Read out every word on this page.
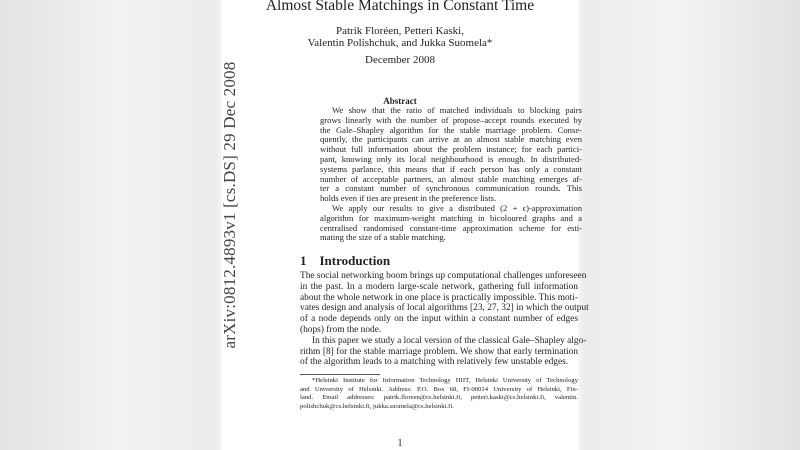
arXiv:0812.4893v1 [cs.DS] 29 Dec 2008
Almost Stable Matchings in Constant Time
Patrik Floréen, Petteri Kaski,
Valentin Polishchuk, and Jukka Suomela*
December 2008
Abstract
We show that the ratio of matched individuals to blocking pairs
grows linearly with the number of propose–accept rounds executed by
the Gale–Shapley algorithm for the stable marriage problem. Conse-
quently, the participants can arrive at an almost stable matching even
without full information about the problem instance; for each partici-
pant, knowing only its local neighbourhood is enough. In distributed-
systems parlance, this means that if each person has only a constant
number of acceptable partners, an almost stable matching emerges af-
ter a constant number of synchronous communication rounds. This
holds even if ties are present in the preference lists.
We apply our results to give a distributed (2 + ϵ)-approximation
algorithm for maximum-weight matching in bicoloured graphs and a
centralised randomised constant-time approximation scheme for esti-
mating the size of a stable matching.
1    Introduction
The social networking boom brings up computational challenges unforeseen
in the past. In a modern large-scale network, gathering full information
about the whole network in one place is practically impossible. This moti-
vates design and analysis of local algorithms [23, 27, 32] in which the output
of a node depends only on the input within a constant number of edges
(hops) from the node.
In this paper we study a local version of the classical Gale–Shapley algo-
rithm [8] for the stable marriage problem. We show that early termination
of the algorithm leads to a matching with relatively few unstable edges.
*Helsinki Institute for Information Technology HIIT, Helsinki University of Technology
and University of Helsinki. Address: P.O. Box 68, FI-00014 University of Helsinki, Fin-
land. Email addresses: patrik.floreen@cs.helsinki.fi, petteri.kaski@cs.helsinki.fi, valentin.
polishchuk@cs.helsinki.fi, jukka.suomela@cs.helsinki.fi.
1
